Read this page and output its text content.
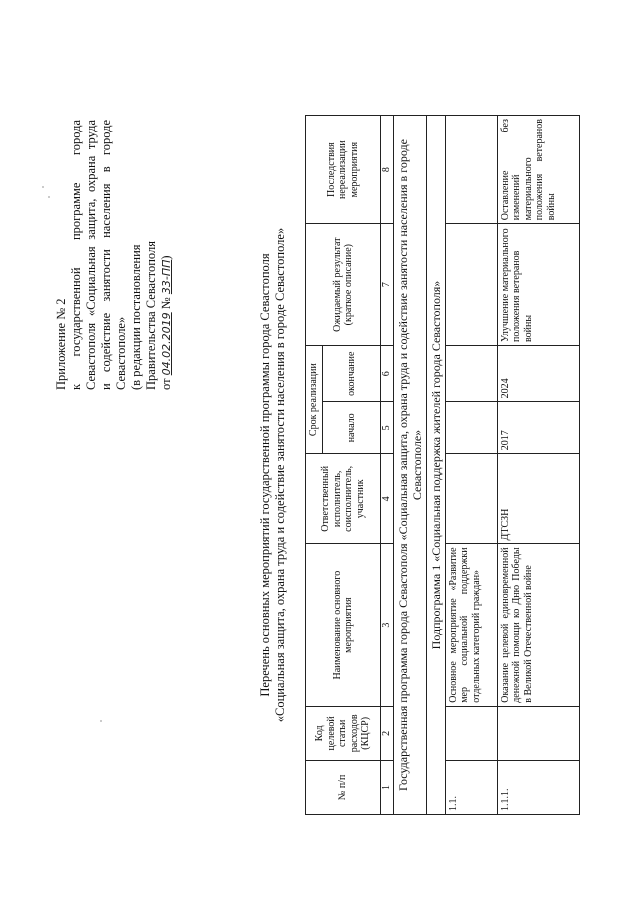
Приложение № 2 к государственной программе города Севастополя «Социальная защита, охрана труда и содействие занятости населения в городе Севастополе» (в редакции постановления Правительства Севастополя от 04.02.2019 № 33-ПП)	Перечень основных мероприятий государственной программы города Севастополя «Социальная защита, охрана труда и содействие занятости населения в городе Севастополе»
№ п/п	Код целевой статьи расходов (КЦСР)	Наименование основного мероприятия	Ответственный исполнитель, соисполнитель, участник	Срок реализации		Ожидаемый результат (краткое описание)	Последствия нереализации мероприятия
				начало	окончание		
1	2	3	4	5	6	7	8
Государственная программа города Севастополя «Социальная защита, охрана труда и содействие занятости населения в городе Севастополе»							
Подпрограмма 1 «Социальная поддержка жителей города Севастополя»							
1.1.		Основное мероприятие «Развитие мер социальной поддержки отдельных категорий граждан»					
1.1.1.		Оказание целевой единовременной денежной помощи ко Дню Победы в Великой Отечественной войне	ДТСЗН	2017	2024	Улучшение материального положения ветеранов войны	Оставление без изменений материального положения ветеранов войны
